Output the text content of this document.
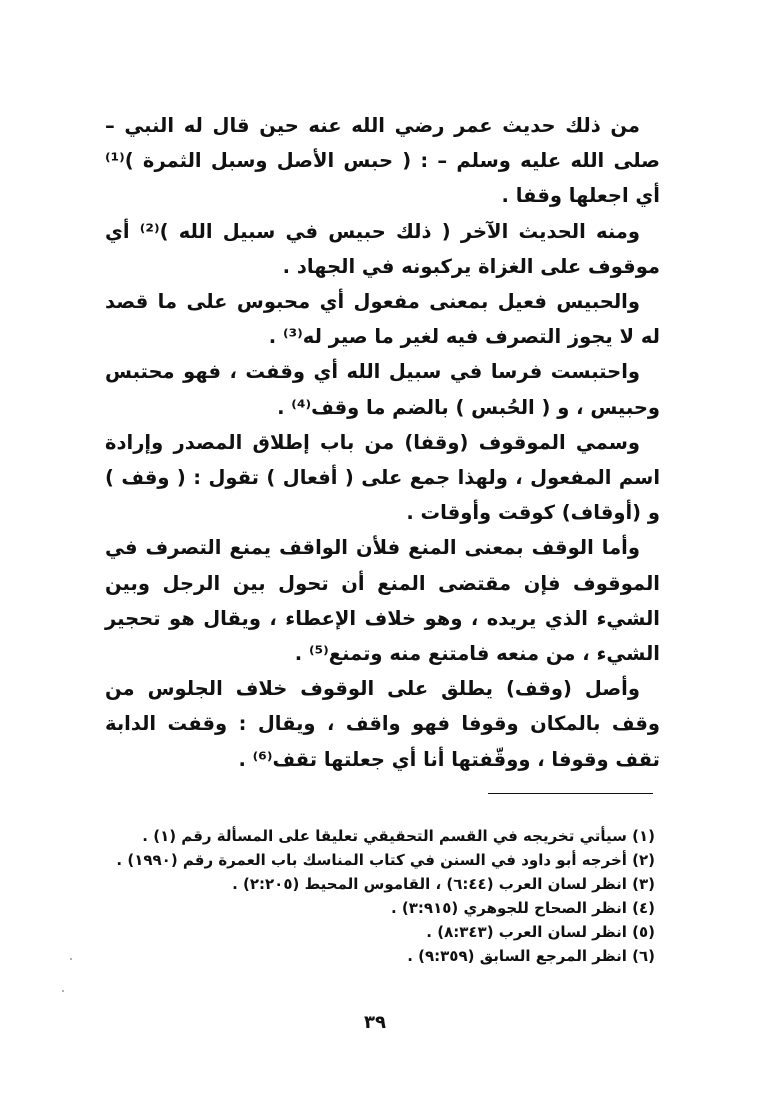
من ذلك حديث عمر رضي الله عنه حين قال له النبي – صلى الله عليه وسلم – : ( حبس الأصل وسبل الثمرة )⁽¹⁾ أي اجعلها وقفا .

ومنه الحديث الآخر ( ذلك حبيس في سبيل الله )⁽²⁾ أي موقوف على الغزاة يركبونه في الجهاد .

والحبيس فعيل بمعنى مفعول أي محبوس على ما قصد له لا يجوز التصرف فيه لغير ما صير له⁽³⁾ .

واحتبست فرسا في سبيل الله أي وقفت ، فهو محتبس وحبيس ، و ( الحُبس ) بالضم ما وقف⁽⁴⁾ .

وسمي الموقوف (وقفا) من باب إطلاق المصدر وإرادة اسم المفعول ، ولهذا جمع على ( أفعال ) تقول : ( وقف ) و (أوقاف) كوقت وأوقات .

وأما الوقف بمعنى المنع فلأن الواقف يمنع التصرف في الموقوف فإن مقتضى المنع أن تحول بين الرجل وبين الشيء الذي يريده ، وهو خلاف الإعطاء ، ويقال هو تحجير الشيء ، من منعه فامتنع منه وتمنع⁽⁵⁾ .

وأصل (وقف) يطلق على الوقوف خلاف الجلوس من وقف بالمكان وقوفا فهو واقف ، ويقال : وقفت الدابة تقف وقوفا ، ووقّفتها أنا أي جعلتها تقف⁽⁶⁾ .

(١) سيأتي تخريجه في القسم التحقيقي تعليقا على المسألة رقم (١) .
(٢) أخرجه أبو داود في السنن في كتاب المناسك باب العمرة رقم (١٩٩٠) .
(٣) انظر لسان العرب (٦:٤٤) ، القاموس المحيط (٢:٢٠٥) .
(٤) انظر الصحاح للجوهري (٣:٩١٥) .
(٥) انظر لسان العرب (٨:٣٤٣) .
(٦) انظر المرجع السابق (٩:٣٥٩) .
٣٩
